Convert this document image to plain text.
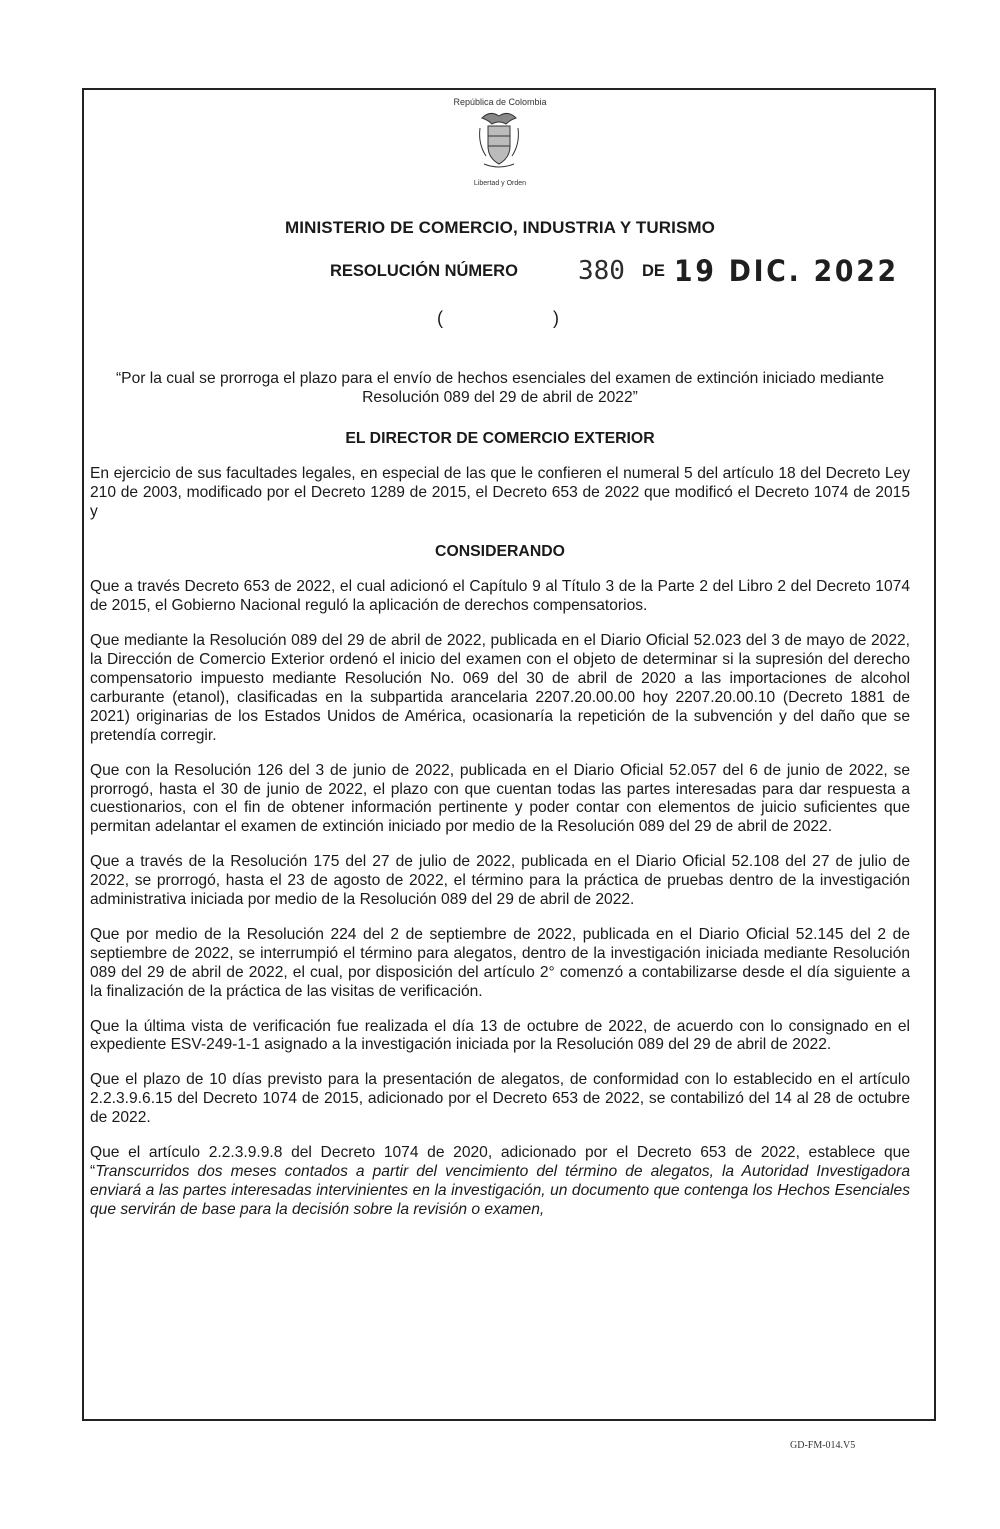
República de Colombia
Libertad y Orden
MINISTERIO DE COMERCIO, INDUSTRIA Y TURISMO
RESOLUCIÓN NÚMERO 380 DE 19 DIC. 2022
(	)

“Por la cual se prorroga el plazo para el envío de hechos esenciales del examen de extinción iniciado mediante Resolución 089 del 29 de abril de 2022”

EL DIRECTOR DE COMERCIO EXTERIOR

En ejercicio de sus facultades legales, en especial de las que le confieren el numeral 5 del artículo 18 del Decreto Ley 210 de 2003, modificado por el Decreto 1289 de 2015, el Decreto 653 de 2022 que modificó el Decreto 1074 de 2015 y

CONSIDERANDO

Que a través Decreto 653 de 2022, el cual adicionó el Capítulo 9 al Título 3 de la Parte 2 del Libro 2 del Decreto 1074 de 2015, el Gobierno Nacional reguló la aplicación de derechos compensatorios.

Que mediante la Resolución 089 del 29 de abril de 2022, publicada en el Diario Oficial 52.023 del 3 de mayo de 2022, la Dirección de Comercio Exterior ordenó el inicio del examen con el objeto de determinar si la supresión del derecho compensatorio impuesto mediante Resolución No. 069 del 30 de abril de 2020 a las importaciones de alcohol carburante (etanol), clasificadas en la subpartida arancelaria 2207.20.00.00 hoy 2207.20.00.10 (Decreto 1881 de 2021) originarias de los Estados Unidos de América, ocasionaría la repetición de la subvención y del daño que se pretendía corregir.

Que con la Resolución 126 del 3 de junio de 2022, publicada en el Diario Oficial 52.057 del 6 de junio de 2022, se prorrogó, hasta el 30 de junio de 2022, el plazo con que cuentan todas las partes interesadas para dar respuesta a cuestionarios, con el fin de obtener información pertinente y poder contar con elementos de juicio suficientes que permitan adelantar el examen de extinción iniciado por medio de la Resolución 089 del 29 de abril de 2022.

Que a través de la Resolución 175 del 27 de julio de 2022, publicada en el Diario Oficial 52.108 del 27 de julio de 2022, se prorrogó, hasta el 23 de agosto de 2022, el término para la práctica de pruebas dentro de la investigación administrativa iniciada por medio de la Resolución 089 del 29 de abril de 2022.

Que por medio de la Resolución 224 del 2 de septiembre de 2022, publicada en el Diario Oficial 52.145 del 2 de septiembre de 2022, se interrumpió el término para alegatos, dentro de la investigación iniciada mediante Resolución 089 del 29 de abril de 2022, el cual, por disposición del artículo 2° comenzó a contabilizarse desde el día siguiente a la finalización de la práctica de las visitas de verificación.

Que la última vista de verificación fue realizada el día 13 de octubre de 2022, de acuerdo con lo consignado en el expediente ESV-249-1-1 asignado a la investigación iniciada por la Resolución 089 del 29 de abril de 2022.

Que el plazo de 10 días previsto para la presentación de alegatos, de conformidad con lo establecido en el artículo 2.2.3.9.6.15 del Decreto 1074 de 2015, adicionado por el Decreto 653 de 2022, se contabilizó del 14 al 28 de octubre de 2022.

Que el artículo 2.2.3.9.9.8 del Decreto 1074 de 2020, adicionado por el Decreto 653 de 2022, establece que “Transcurridos dos meses contados a partir del vencimiento del término de alegatos, la Autoridad Investigadora enviará a las partes interesadas intervinientes en la investigación, un documento que contenga los Hechos Esenciales que servirán de base para la decisión sobre la revisión o examen,

GD-FM-014.V5
